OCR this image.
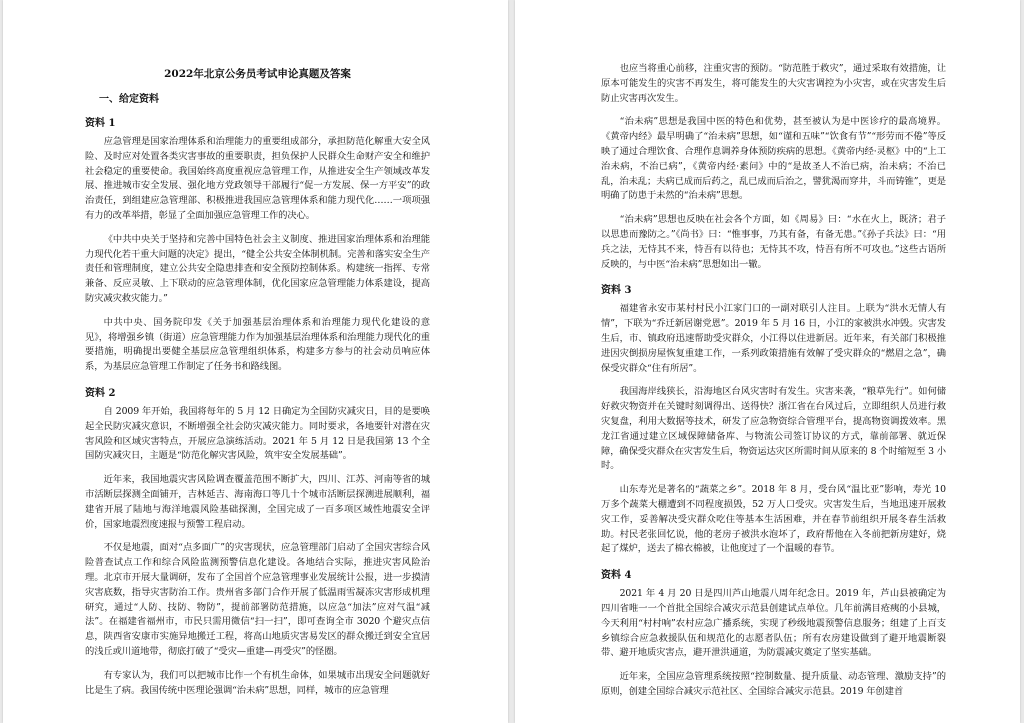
2022年北京公务员考试申论真题及答案
一、给定资料
资料 1

应急管理是国家治理体系和治理能力的重要组成部分，承担防范化解重大安全风险、及时应对处置各类灾害事故的重要职责，担负保护人民群众生命财产安全和维护社会稳定的重要使命。我国始终高度重视应急管理工作，从推进安全生产领域改革发展、推进城市安全发展、强化地方党政领导干部履行“促一方发展、保一方平安”的政治责任，到组建应急管理部、积极推进我国应急管理体系和能力现代化……一项项强有力的改革举措，彰显了全面加强应急管理工作的决心。

《中共中央关于坚持和完善中国特色社会主义制度、推进国家治理体系和治理能力现代化若干重大问题的决定》提出，“健全公共安全体制机制。完善和落实安全生产责任和管理制度，建立公共安全隐患排查和安全预防控制体系。构建统一指挥、专常兼备、反应灵敏、上下联动的应急管理体制，优化国家应急管理能力体系建设，提高防灾减灾救灾能力。”

中共中央、国务院印发《关于加强基层治理体系和治理能力现代化建设的意见》，将增强乡镇（街道）应急管理能力作为加强基层治理体系和治理能力现代化的重要措施，明确提出要健全基层应急管理组织体系，构建多方参与的社会动员响应体系，为基层应急管理工作制定了任务书和路线图。

资料 2

自 2009 年开始，我国将每年的 5 月 12 日确定为全国防灾减灾日，目的是要唤起全民防灾减灾意识，不断增强全社会防灾减灾能力。同时要求，各地要针对潜在灾害风险和区域灾害特点，开展应急演练活动。2021 年 5 月 12 日是我国第 13 个全国防灾减灾日，主题是“防范化解灾害风险，筑牢安全发展基础”。

近年来，我国地震灾害风险调查覆盖范围不断扩大，四川、江苏、河南等省的城市活断层探测全面铺开，吉林延吉、海南海口等几十个城市活断层探测进展顺利，福建省开展了陆地与海洋地震风险基础探测，全国完成了一百多项区域性地震安全评价，国家地震烈度速报与预警工程启动。

不仅是地震，面对“点多面广”的灾害现状，应急管理部门启动了全国灾害综合风险普查试点工作和综合风险监测预警信息化建设。各地结合实际，推进灾害风险治理。北京市开展大量调研，发布了全国首个应急管理事业发展统计公报，进一步摸清灾害底数，指导灾害防治工作。贵州省多部门合作开展了低温雨雪凝冻灾害形成机理研究，通过“人防、技防、物防”，提前部署防范措施，以应急“加法”应对气温“减法”。在福建省福州市，市民只需用微信“扫一扫”，即可查询全市 3020 个避灾点信息，陕西省安康市实施异地搬迁工程，将高山地质灾害易发区的群众搬迁到安全宜居的浅丘或川道地带，彻底打破了“受灾—重建—再受灾”的怪圈。

有专家认为，我们可以把城市比作一个有机生命体，如果城市出现安全问题就好比是生了病。我国传统中医理论强调“治未病”思想，同样，城市的应急管理

也应当将重心前移，注重灾害的预防。“防范胜于救灾”，通过采取有效措施，让原本可能发生的灾害不再发生，将可能发生的大灾害调控为小灾害，或在灾害发生后防止灾害再次发生。

“治未病”思想是我国中医的特色和优势，甚至被认为是中医诊疗的最高境界。《黄帝内经》最早明确了“治未病”思想，如“谨和五味”“饮食有节”“形劳而不倦”等反映了通过合理饮食、合理作息调养身体预防疾病的思想。《黄帝内经·灵枢》中的“上工治未病，不治已病”，《黄帝内经·素问》中的“是故圣人不治已病，治未病；不治已乱，治未乱；夫病已成而后药之，乱已成而后治之，譬犹渴而穿井，斗而铸锥”，更是明确了防患于未然的“治未病”思想。

“治未病”思想也反映在社会各个方面，如《周易》曰：“水在火上，既济；君子以思患而豫防之。”《尚书》曰：“惟事事，乃其有备，有备无患。”《孙子兵法》曰：“用兵之法，无恃其不来，恃吾有以待也；无恃其不攻，恃吾有所不可攻也。”这些古语所反映的，与中医“治未病”思想如出一辙。

资料 3

福建省永安市某村村民小江家门口的一副对联引人注目。上联为“洪水无情人有情”，下联为“乔迁新居谢党恩”。2019 年 5 月 16 日，小江的家被洪水冲毁。灾害发生后，市、镇政府迅速帮助受灾群众，小江得以住进新居。近年来，有关部门积极推进因灾倒损房屋恢复重建工作，一系列政策措施有效解了受灾群众的“燃眉之急”，确保受灾群众“住有所居”。

我国海岸线狭长，沿海地区台风灾害时有发生。灾害来袭，“粮草先行”。如何储好救灾物资并在关键时刻调得出、送得快？浙江省在台风过后，立即组织人员进行救灾复盘，利用大数据等技术，研发了应急物资综合管理平台，提高物资调拨效率。黑龙江省通过建立区域保障储备库、与物流公司签订协议的方式，靠前部署、就近保障，确保受灾群众在灾害发生后，物资运达灾区所需时间从原来的 8 个时缩短至 3 小时。

山东寿光是著名的“蔬菜之乡”。2018 年 8 月，受台风“温比亚”影响，寿光 10 万多个蔬菜大棚遭到不同程度损毁，52 万人口受灾。灾害发生后，当地迅速开展救灾工作，妥善解决受灾群众吃住等基本生活困难，并在春节前组织开展冬春生活救助。村民老张回忆说，他的老房子被洪水泡坏了，政府帮他在入冬前把新房建好，烧起了煤炉，送去了棉衣棉被，让他度过了一个温暖的春节。

资料 4

2021 年 4 月 20 日是四川芦山地震八周年纪念日。2019 年，芦山县被确定为四川省唯一一个首批全国综合减灾示范县创建试点单位。几年前满目疮痍的小县城，今天利用“村村响”农村应急广播系统，实现了秒级地震预警信息服务；组建了上百支乡镇综合应急救援队伍和规范化的志愿者队伍；所有农房建设做到了避开地震断裂带、避开地质灾害点，避开泄洪通道，为防震减灾奠定了坚实基础。

近年来，全国应急管理系统按照“控制数量、提升质量、动态管理、激励支持”的原则，创建全国综合减灾示范社区、全国综合减灾示范县。2019 年创建首
